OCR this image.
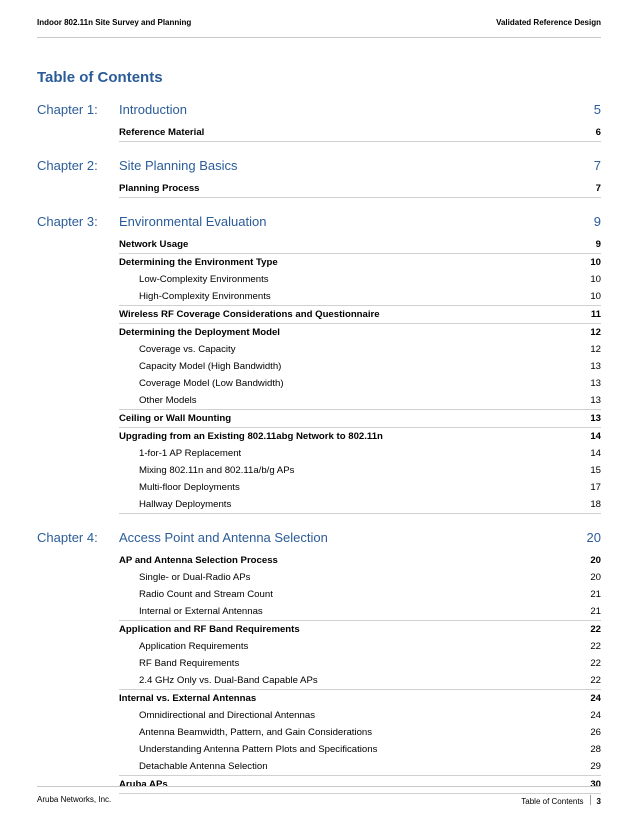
Indoor 802.11n Site Survey and Planning	Validated Reference Design
Table of Contents
Chapter 1: Introduction	5
Reference Material	6
Chapter 2: Site Planning Basics	7
Planning Process	7
Chapter 3: Environmental Evaluation	9
Network Usage	9
Determining the Environment Type	10
Low-Complexity Environments	10
High-Complexity Environments	10
Wireless RF Coverage Considerations and Questionnaire	11
Determining the Deployment Model	12
Coverage vs. Capacity	12
Capacity Model (High Bandwidth)	13
Coverage Model (Low Bandwidth)	13
Other Models	13
Ceiling or Wall Mounting	13
Upgrading from an Existing 802.11abg Network to 802.11n	14
1-for-1 AP Replacement	14
Mixing 802.11n and 802.11a/b/g APs	15
Multi-floor Deployments	17
Hallway Deployments	18
Chapter 4: Access Point and Antenna Selection	20
AP and Antenna Selection Process	20
Single- or Dual-Radio APs	20
Radio Count and Stream Count	21
Internal or External Antennas	21
Application and RF Band Requirements	22
Application Requirements	22
RF Band Requirements	22
2.4 GHz Only vs. Dual-Band Capable APs	22
Internal vs. External Antennas	24
Omnidirectional and Directional Antennas	24
Antenna Beamwidth, Pattern, and Gain Considerations	26
Understanding Antenna Pattern Plots and Specifications	28
Detachable Antenna Selection	29
Aruba APs	30
Aruba Networks, Inc.	Table of Contents 3
